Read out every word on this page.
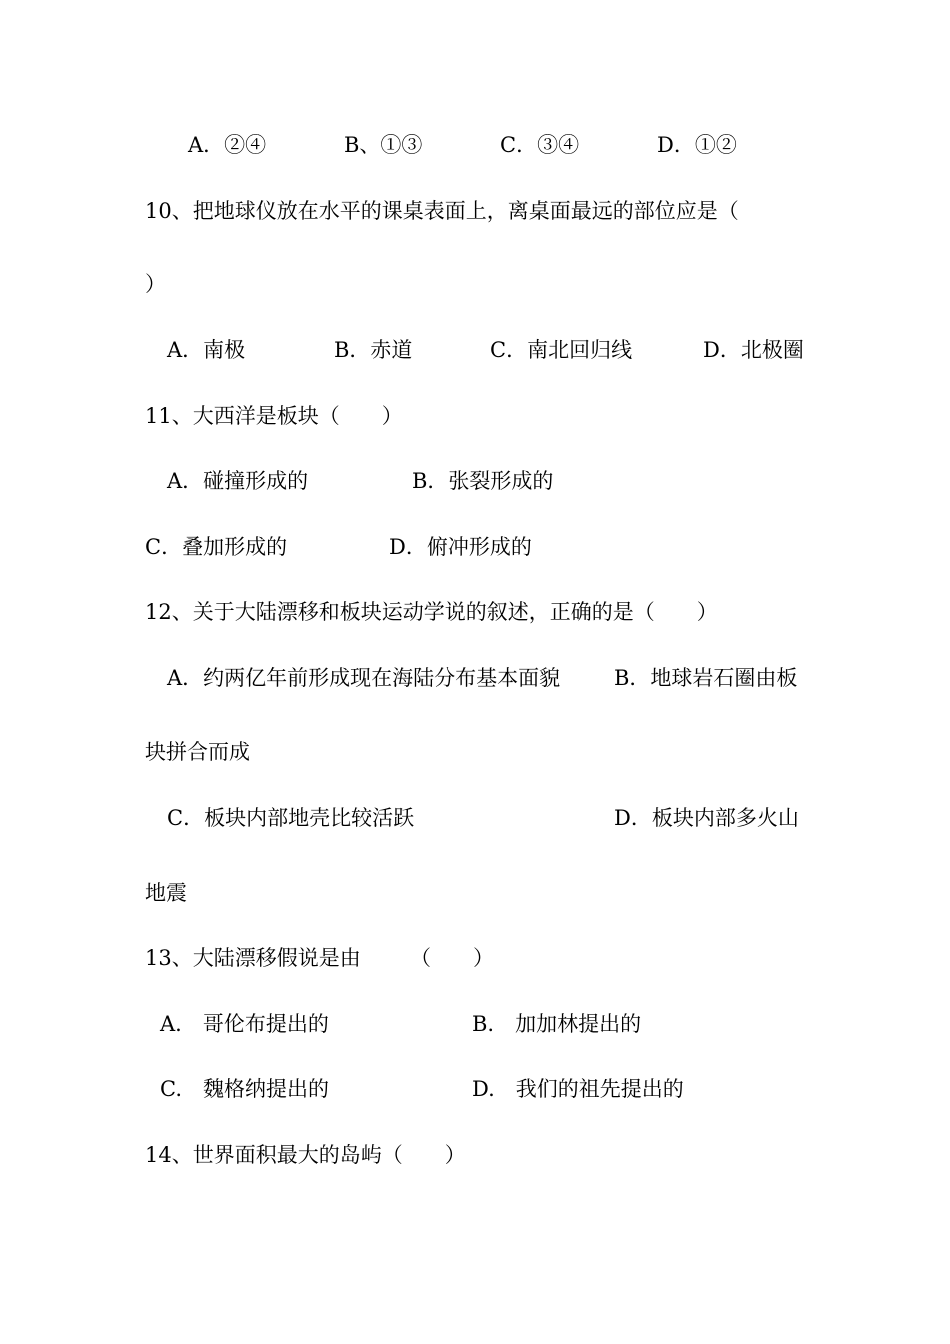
A．②④	B、①③	C．③④	D．①②
10、把地球仪放在水平的课桌表面上，离桌面最远的部位应是（
）
A．南极	B．赤道	C．南北回归线	D．北极圈
11、大西洋是板块（　　）
A．碰撞形成的	B．张裂形成的
C．叠加形成的	D．俯冲形成的
12、关于大陆漂移和板块运动学说的叙述，正确的是（　　）
A．约两亿年前形成现在海陆分布基本面貌	B．地球岩石圈由板
块拼合而成
C．板块内部地壳比较活跃	D．板块内部多火山
地震
13、大陆漂移假说是由 （　　）
A.　哥伦布提出的	B.　加加林提出的
C.　魏格纳提出的	D.　我们的祖先提出的
14、世界面积最大的岛屿（　　）
